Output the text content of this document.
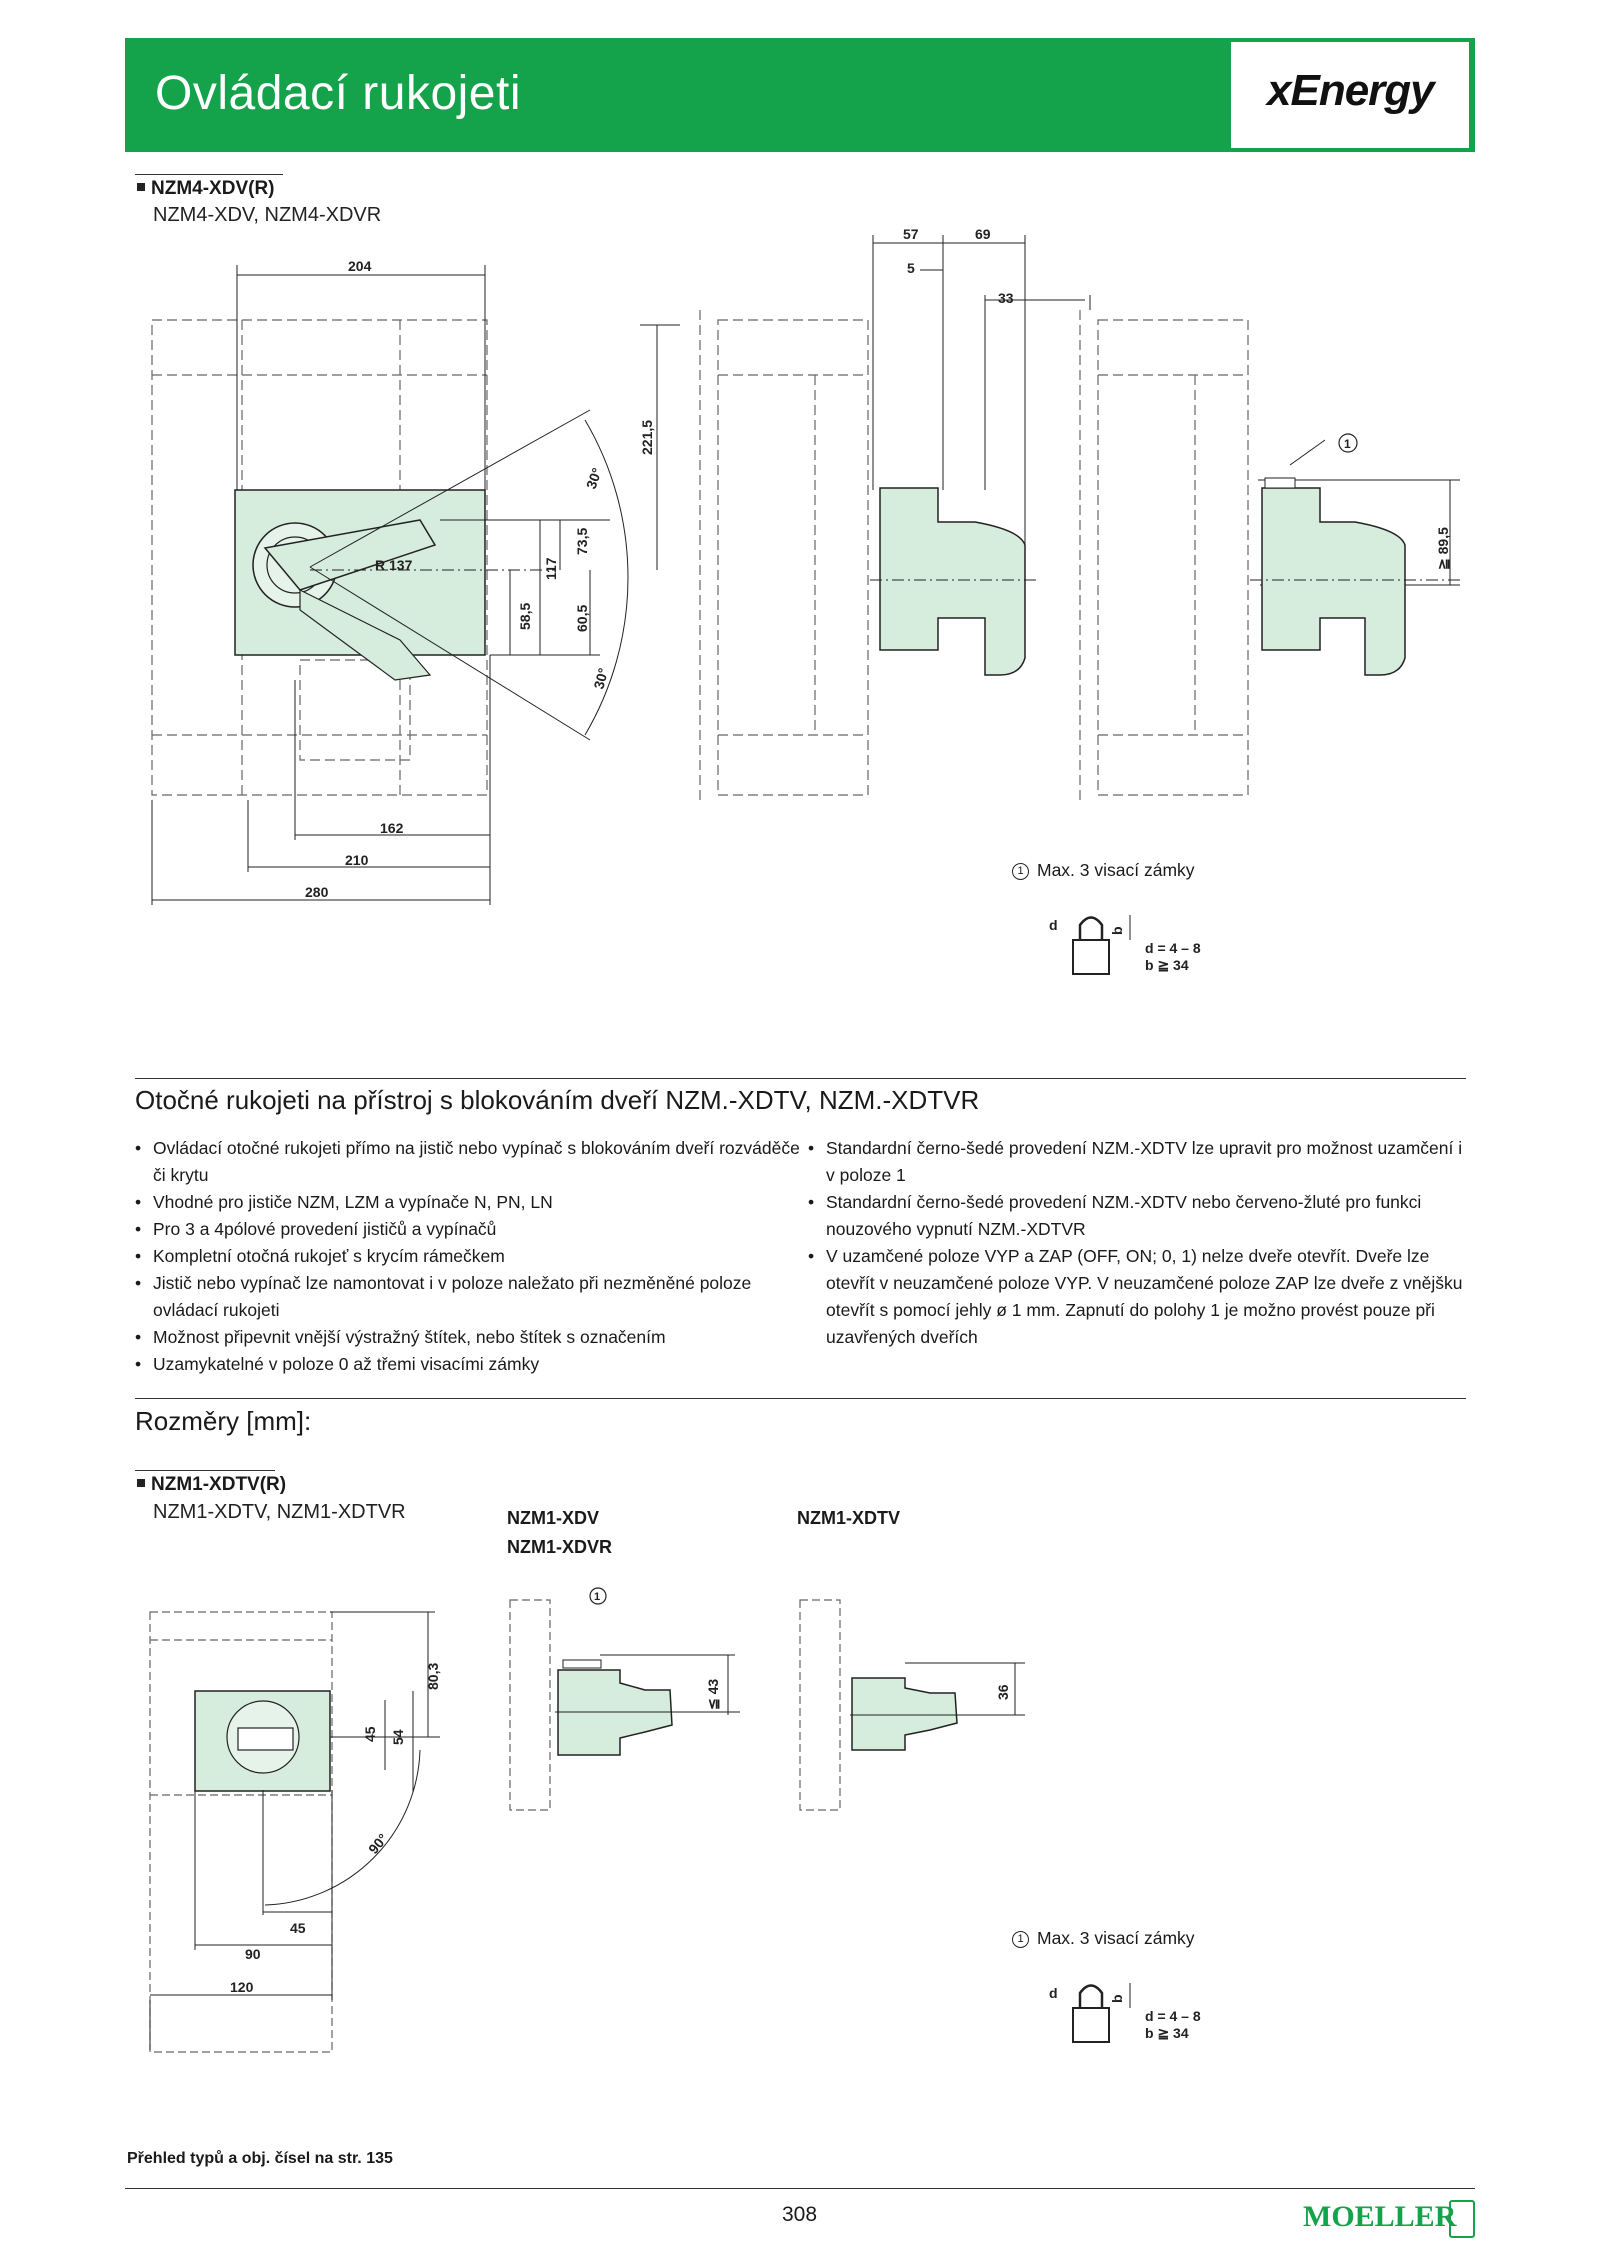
Ovládací rukojeti	xEnergy
NZM4-XDV(R)
NZM4-XDV, NZM4-XDVR
204
221,5
30°
30°
R 137	117
73,5
58,5	60,5
162
210
280
57	69
5
33
≧ 89,5
1
d	b
d = 4 – 8
b ≧ 34
1 Max. 3 visací zámky
Otočné rukojeti na přístroj s blokováním dveří NZM.-XDTV, NZM.-XDTVR
• Ovládací otočné rukojeti přímo na jistič nebo vypínač s blokováním dveří rozváděče či krytu
• Vhodné pro jističe NZM, LZM a vypínače N, PN, LN
• Pro 3 a 4pólové provedení jističů a vypínačů
• Kompletní otočná rukojeť s krycím rámečkem
• Jistič nebo vypínač lze namontovat i v poloze naležato při nezměněné poloze ovládací rukojeti
• Možnost připevnit vnější výstražný štítek, nebo štítek s označením
• Uzamykatelné v poloze 0 až třemi visacími zámky
• Standardní černo-šedé provedení NZM.-XDTV lze upravit pro možnost uzamčení i v poloze 1
• Standardní černo-šedé provedení NZM.-XDTV nebo červeno-žluté pro funkci nouzového vypnutí NZM.-XDTVR
• V uzamčené poloze VYP a ZAP (OFF, ON; 0, 1) nelze dveře otevřít. Dveře lze otevřít v neuzamčené poloze VYP. V neuzamčené poloze ZAP lze dveře z vnějšku otevřít s pomocí jehly ø 1 mm. Zapnutí do polohy 1 je možno provést pouze při uzavřených dveřích
Rozměry [mm]:
NZM1-XDTV(R)
NZM1-XDTV, NZM1-XDTVR	NZM1-XDV
NZM1-XDVR
NZM1-XDTV
80,3
45 54
90°
45
90
120
≦ 43	36
1
d	b
d = 4 – 8
b ≧ 34
1 Max. 3 visací zámky
Přehled typů a obj. čísel na str. 135
308	MOELLER
